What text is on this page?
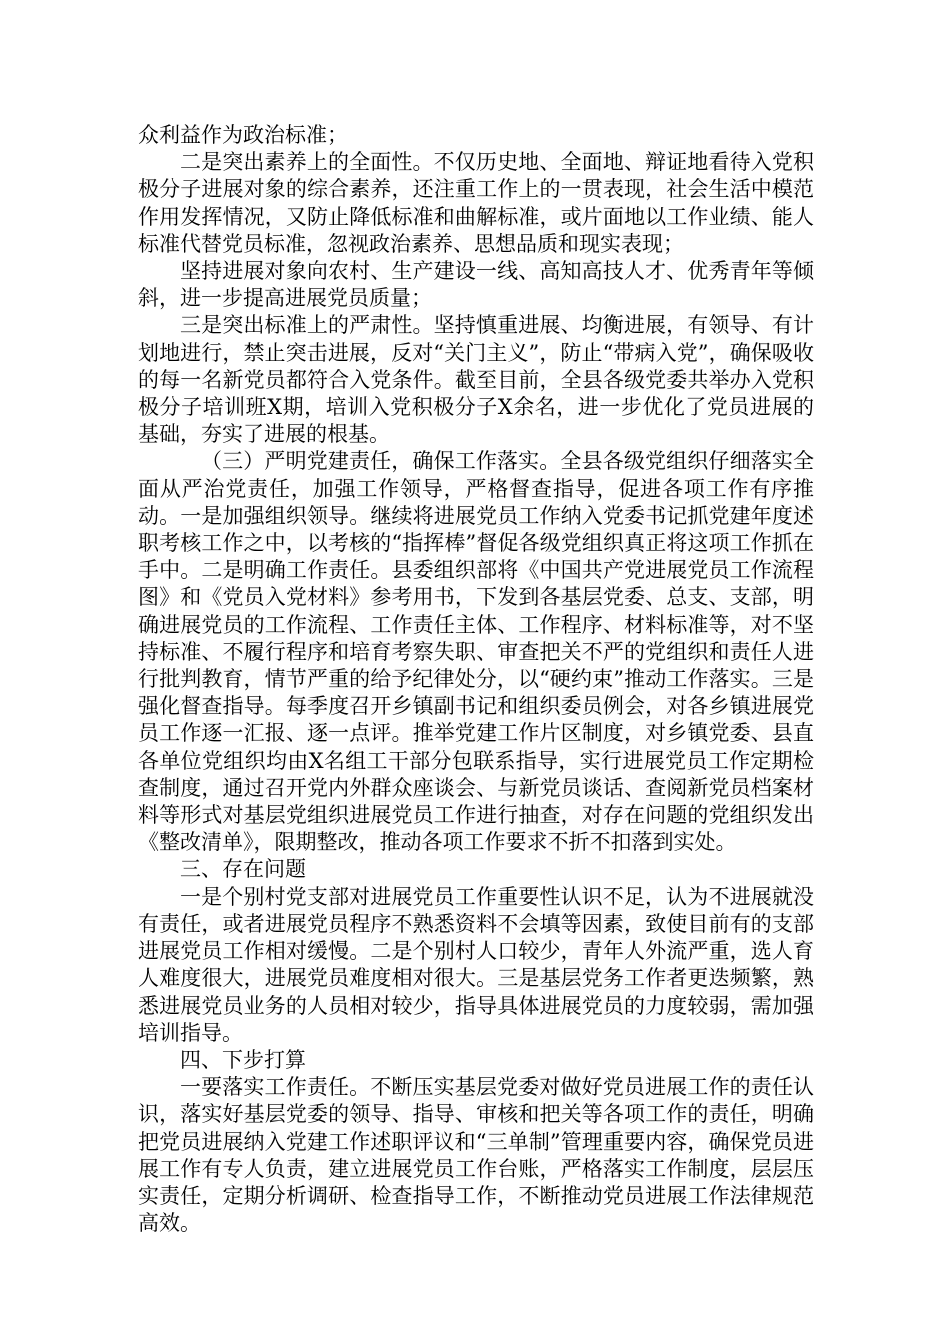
众利益作为政治标准；

二是突出素养上的全面性。不仅历史地、全面地、辩证地看待入党积极分子进展对象的综合素养，还注重工作上的一贯表现，社会生活中模范作用发挥情况，又防止降低标准和曲解标准，或片面地以工作业绩、能人标准代替党员标准，忽视政治素养、思想品质和现实表现；

坚持进展对象向农村、生产建设一线、高知高技人才、优秀青年等倾斜，进一步提高进展党员质量；

三是突出标准上的严肃性。坚持慎重进展、均衡进展，有领导、有计划地进行，禁止突击进展，反对“关门主义”，防止“带病入党”，确保吸收的每一名新党员都符合入党条件。截至目前，全县各级党委共举办入党积极分子培训班X期，培训入党积极分子X余名，进一步优化了党员进展的基础，夯实了进展的根基。

（三）严明党建责任，确保工作落实。全县各级党组织仔细落实全面从严治党责任，加强工作领导，严格督查指导，促进各项工作有序推动。一是加强组织领导。继续将进展党员工作纳入党委书记抓党建年度述职考核工作之中，以考核的“指挥棒”督促各级党组织真正将这项工作抓在手中。二是明确工作责任。县委组织部将《中国共产党进展党员工作流程图》和《党员入党材料》参考用书，下发到各基层党委、总支、支部，明确进展党员的工作流程、工作责任主体、工作程序、材料标准等，对不坚持标准、不履行程序和培育考察失职、审查把关不严的党组织和责任人进行批判教育，情节严重的给予纪律处分，以“硬约束”推动工作落实。三是强化督查指导。每季度召开乡镇副书记和组织委员例会，对各乡镇进展党员工作逐一汇报、逐一点评。推举党建工作片区制度，对乡镇党委、县直各单位党组织均由X名组工干部分包联系指导，实行进展党员工作定期检查制度，通过召开党内外群众座谈会、与新党员谈话、查阅新党员档案材料等形式对基层党组织进展党员工作进行抽查，对存在问题的党组织发出《整改清单》，限期整改，推动各项工作要求不折不扣落到实处。

三、存在问题

一是个别村党支部对进展党员工作重要性认识不足，认为不进展就没有责任，或者进展党员程序不熟悉资料不会填等因素，致使目前有的支部进展党员工作相对缓慢。二是个别村人口较少，青年人外流严重，选人育人难度很大，进展党员难度相对很大。三是基层党务工作者更迭频繁，熟悉进展党员业务的人员相对较少，指导具体进展党员的力度较弱，需加强培训指导。

四、下步打算

一要落实工作责任。不断压实基层党委对做好党员进展工作的责任认识，落实好基层党委的领导、指导、审核和把关等各项工作的责任，明确把党员进展纳入党建工作述职评议和“三单制”管理重要内容，确保党员进展工作有专人负责，建立进展党员工作台账，严格落实工作制度，层层压实责任，定期分析调研、检查指导工作，不断推动党员进展工作法律规范高效。
